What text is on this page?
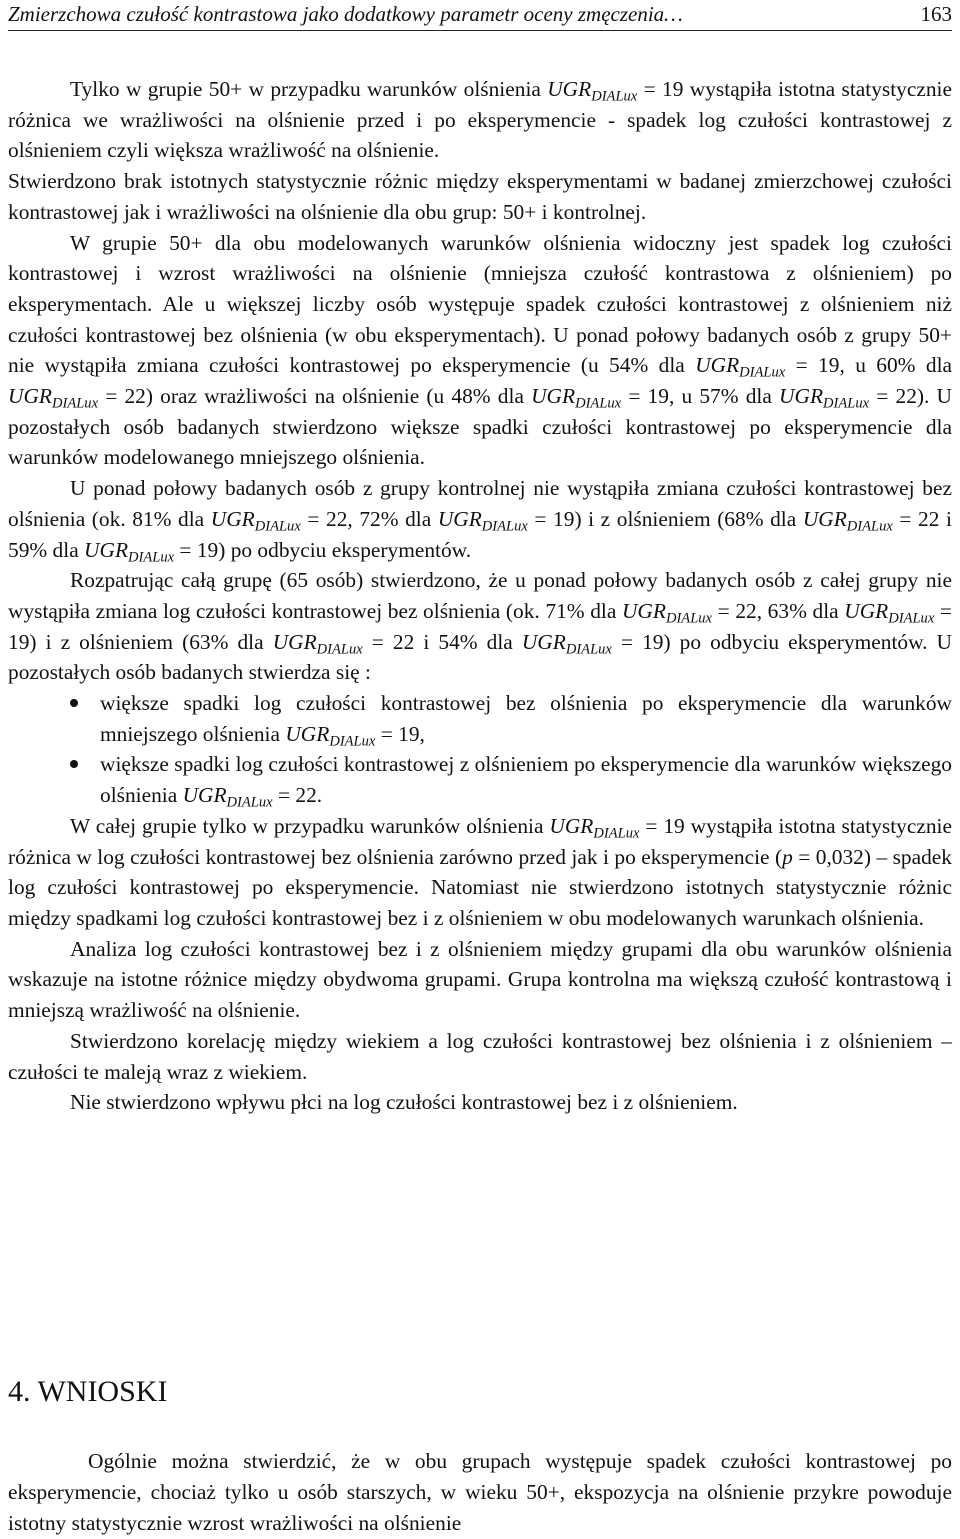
Zmierzchowa czułość kontrastowa jako dodatkowy parametr oceny zmęczenia…	163

Tylko w grupie 50+ w przypadku warunków olśnienia $UGR_{DIALux} = 19$ wystąpiła istotna statystycznie różnica we wrażliwości na olśnienie przed i po eksperymencie - spadek log czułości kontrastowej z olśnieniem czyli większa wrażliwość na olśnienie.

Stwierdzono brak istotnych statystycznie różnic między eksperymentami w badanej zmierzchowej czułości kontrastowej jak i wrażliwości na olśnienie dla obu grup: 50+ i kontrolnej.

W grupie 50+ dla obu modelowanych warunków olśnienia widoczny jest spadek log czułości kontrastowej i wzrost wrażliwości na olśnienie (mniejsza czułość kontrastowa z olśnieniem) po eksperymentach. Ale u większej liczby osób występuje spadek czułości kontrastowej z olśnieniem niż czułości kontrastowej bez olśnienia (w obu eksperymentach). U ponad połowy badanych osób z grupy 50+ nie wystąpiła zmiana czułości kontrastowej po eksperymencie (u 54% dla $UGR_{DIALux} = 19$, u 60% dla $UGR_{DIALux} = 22$) oraz wrażliwości na olśnienie (u 48% dla $UGR_{DIALux} = 19$, u 57% dla $UGR_{DIALux} = 22$). U pozostałych osób badanych stwierdzono większe spadki czułości kontrastowej po eksperymencie dla warunków modelowanego mniejszego olśnienia.

U ponad połowy badanych osób z grupy kontrolnej nie wystąpiła zmiana czułości kontrastowej bez olśnienia (ok. 81% dla $UGR_{DIALux} = 22$, 72% dla $UGR_{DIALux} = 19$) i z olśnieniem (68% dla $UGR_{DIALux} = 22$ i 59% dla $UGR_{DIALux} = 19$) po odbyciu eksperymentów.

Rozpatrując całą grupę (65 osób) stwierdzono, że u ponad połowy badanych osób z całej grupy nie wystąpiła zmiana log czułości kontrastowej bez olśnienia (ok. 71% dla $UGR_{DIALux} = 22$, 63% dla $UGR_{DIALux} = 19$) i z olśnieniem (63% dla $UGR_{DIALux} = 22$ i 54% dla $UGR_{DIALux} = 19$) po odbyciu eksperymentów. U pozostałych osób badanych stwierdza się :

większe spadki log czułości kontrastowej bez olśnienia po eksperymencie dla warunków mniejszego olśnienia $UGR_{DIALux} = 19$,
większe spadki log czułości kontrastowej z olśnieniem po eksperymencie dla warunków większego olśnienia $UGR_{DIALux} = 22$.

W całej grupie tylko w przypadku warunków olśnienia $UGR_{DIALux} = 19$ wystąpiła istotna statystycznie różnica w log czułości kontrastowej bez olśnienia zarówno przed jak i po eksperymencie (p = 0,032) – spadek log czułości kontrastowej po eksperymencie. Natomiast nie stwierdzono istotnych statystycznie różnic między spadkami log czułości kontrastowej bez i z olśnieniem w obu modelowanych warunkach olśnienia.

Analiza log czułości kontrastowej bez i z olśnieniem między grupami dla obu warunków olśnienia wskazuje na istotne różnice między obydwoma grupami. Grupa kontrolna ma większą czułość kontrastową i mniejszą wrażliwość na olśnienie.

Stwierdzono korelację między wiekiem a log czułości kontrastowej bez olśnienia i z olśnieniem – czułości te maleją wraz z wiekiem.

Nie stwierdzono wpływu płci na log czułości kontrastowej bez i z olśnieniem.

4. WNIOSKI

Ogólnie można stwierdzić, że w obu grupach występuje spadek czułości kontrastowej po eksperymencie, chociaż tylko u osób starszych, w wieku 50+, ekspozycja na olśnienie przykre powoduje istotny statystycznie wzrost wrażliwości na olśnienie
